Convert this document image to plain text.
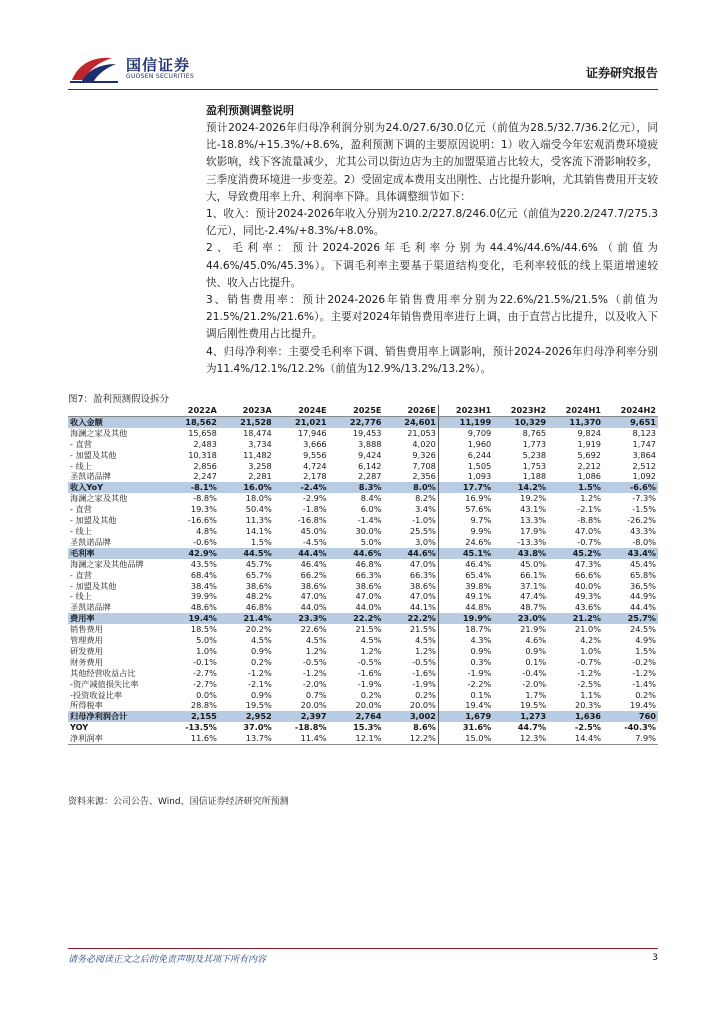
国信证券
GUOSEN SECURITIES	证券研究报告
盈利预测调整说明

预计2024-2026年归母净利润分别为24.0/27.6/30.0亿元（前值为28.5/32.7/36.2亿元），同比-18.8%/+15.3%/+8.6%，盈利预测下调的主要原因说明：1）收入端受今年宏观消费环境疲软影响，线下客流量减少，尤其公司以街边店为主的加盟渠道占比较大，受客流下滑影响较多，三季度消费环境进一步变差。2）受固定成本费用支出刚性、占比提升影响，尤其销售费用开支较大，导致费用率上升、利润率下降。具体调整细节如下：

1、收入：预计2024-2026年收入分别为210.2/227.8/246.0亿元（前值为220.2/247.7/275.3亿元），同比-2.4%/+8.3%/+8.0%。

2、毛利率：预计2024-2026年毛利率分别为44.4%/44.6%/44.6%（前值为44.6%/45.0%/45.3%）。下调毛利率主要基于渠道结构变化，毛利率较低的线上渠道增速较快、收入占比提升。

3、销售费用率：预计2024-2026年销售费用率分别为22.6%/21.5%/21.5%（前值为21.5%/21.2%/21.6%）。主要对2024年销售费用率进行上调，由于直营占比提升，以及收入下调后刚性费用占比提升。

4、归母净利率：主要受毛利率下调、销售费用率上调影响，预计2024-2026年归母净利率分别为11.4%/12.1%/12.2%（前值为12.9%/13.2%/13.2%）。

图7：盈利预测假设拆分
	2022A	2023A	2024E	2025E	2026E	2023H1	2023H2	2024H1	2024H2
收入金额	18,562	21,528	21,021	22,776	24,601	11,199	10,329	11,370	9,651
海澜之家及其他	15,658	18,474	17,946	19,453	21,053	9,709	8,765	9,824	8,123
- 直营	2,483	3,734	3,666	3,888	4,020	1,960	1,773	1,919	1,747
- 加盟及其他	10,318	11,482	9,556	9,424	9,326	6,244	5,238	5,692	3,864
- 线上	2,856	3,258	4,724	6,142	7,708	1,505	1,753	2,212	2,512
圣凯诺品牌	2,247	2,281	2,178	2,287	2,356	1,093	1,188	1,086	1,092
收入YoY	-8.1%	16.0%	-2.4%	8.3%	8.0%	17.7%	14.2%	1.5%	-6.6%
海澜之家及其他	-8.8%	18.0%	-2.9%	8.4%	8.2%	16.9%	19.2%	1.2%	-7.3%
- 直营	19.3%	50.4%	-1.8%	6.0%	3.4%	57.6%	43.1%	-2.1%	-1.5%
- 加盟及其他	-16.6%	11.3%	-16.8%	-1.4%	-1.0%	9.7%	13.3%	-8.8%	-26.2%
- 线上	4.8%	14.1%	45.0%	30.0%	25.5%	9.9%	17.9%	47.0%	43.3%
圣凯诺品牌	-0.6%	1.5%	-4.5%	5.0%	3.0%	24.6%	-13.3%	-0.7%	-8.0%
毛利率	42.9%	44.5%	44.4%	44.6%	44.6%	45.1%	43.8%	45.2%	43.4%
海澜之家及其他品牌	43.5%	45.7%	46.4%	46.8%	47.0%	46.4%	45.0%	47.3%	45.4%
- 直营	68.4%	65.7%	66.2%	66.3%	66.3%	65.4%	66.1%	66.6%	65.8%
- 加盟及其他	38.4%	38.6%	38.6%	38.6%	38.6%	39.8%	37.1%	40.0%	36.5%
- 线上	39.9%	48.2%	47.0%	47.0%	47.0%	49.1%	47.4%	49.3%	44.9%
圣凯诺品牌	48.6%	46.8%	44.0%	44.0%	44.1%	44.8%	48.7%	43.6%	44.4%
费用率	19.4%	21.4%	23.3%	22.2%	22.2%	19.9%	23.0%	21.2%	25.7%
销售费用	18.5%	20.2%	22.6%	21.5%	21.5%	18.7%	21.9%	21.0%	24.5%
管理费用	5.0%	4.5%	4.5%	4.5%	4.5%	4.3%	4.6%	4.2%	4.9%
研发费用	1.0%	0.9%	1.2%	1.2%	1.2%	0.9%	0.9%	1.0%	1.5%
财务费用	-0.1%	0.2%	-0.5%	-0.5%	-0.5%	0.3%	0.1%	-0.7%	-0.2%
其他经营收益占比	-2.7%	-1.2%	-1.2%	-1.6%	-1.6%	-1.9%	-0.4%	-1.2%	-1.2%
-资产减值损失比率	-2.7%	-2.1%	-2.0%	-1.9%	-1.9%	-2.2%	-2.0%	-2.5%	-1.4%
-投资收益比率	0.0%	0.9%	0.7%	0.2%	0.2%	0.1%	1.7%	1.1%	0.2%
所得税率	28.8%	19.5%	20.0%	20.0%	20.0%	19.4%	19.5%	20.3%	19.4%
归母净利润合计	2,155	2,952	2,397	2,764	3,002	1,679	1,273	1,636	760
YOY	-13.5%	37.0%	-18.8%	15.3%	8.6%	31.6%	44.7%	-2.5%	-40.3%
净利润率	11.6%	13.7%	11.4%	12.1%	12.2%	15.0%	12.3%	14.4%	7.9%
资料来源：公司公告、Wind、国信证券经济研究所预测
请务必阅读正文之后的免责声明及其项下所有内容	3
